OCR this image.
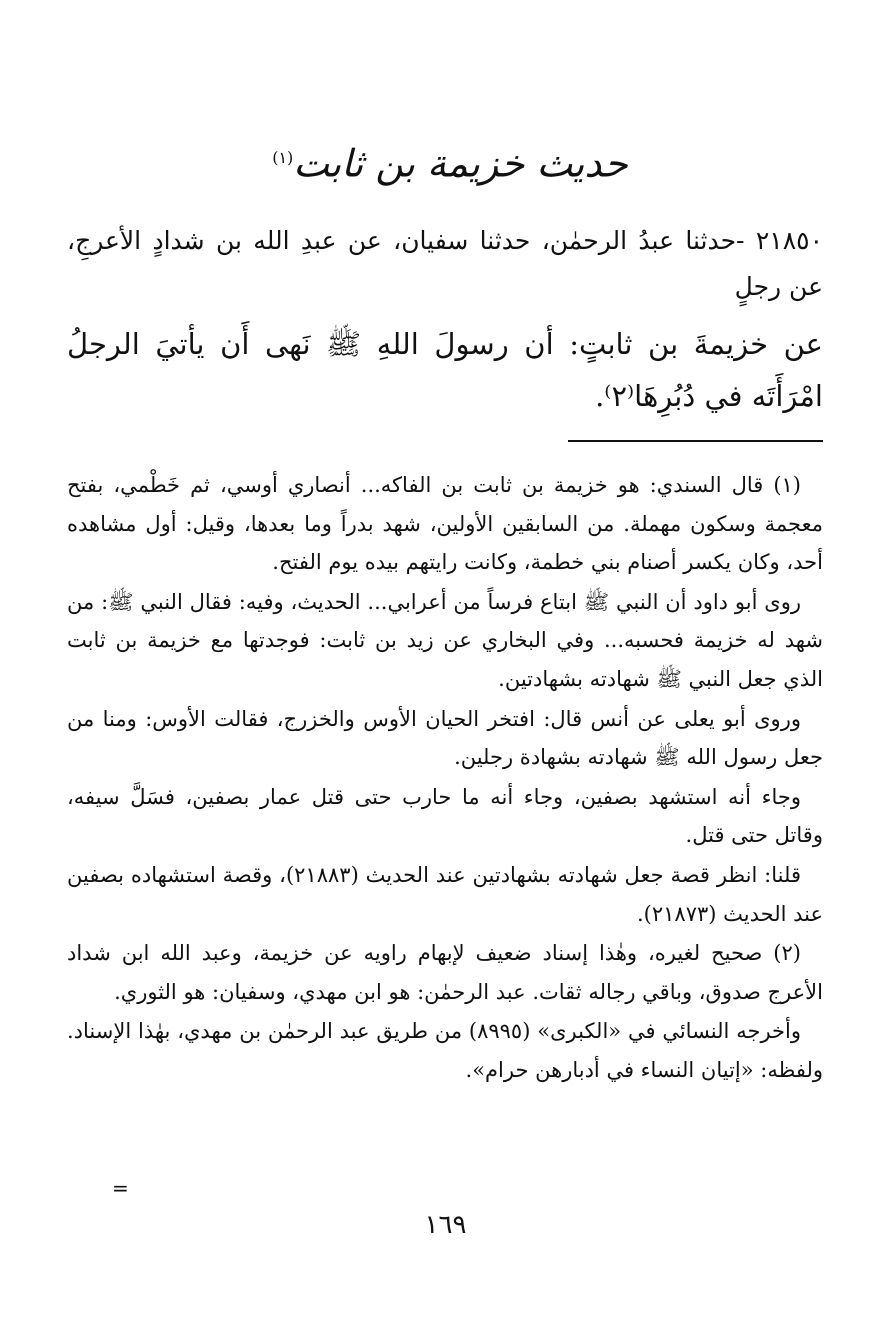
حديث خزيمة بن ثابت$^{(١)}$
٢١٨٥٠ -حدثنا عبدُ الرحمٰن، حدثنا سفيان، عن عبدِ الله بن شدادٍ الأعرجِ، عن رجلٍ
عن خزيمةَ بن ثابتٍ: أن رسولَ اللهِ ﷺ نَهى أَن يأتيَ الرجلُ امْرَأَتَه في دُبُرِهَا⁽٢⁾.

(١) قال السندي: هو خزيمة بن ثابت بن الفاكه... أنصاري أوسي، ثم خَطْمي، بفتح معجمة وسكون مهملة. من السابقين الأولين، شهد بدراً وما بعدها، وقيل: أول مشاهده أحد، وكان يكسر أصنام بني خطمة، وكانت رايتهم بيده يوم الفتح.

روى أبو داود أن النبي ﷺ ابتاع فرساً من أعرابي... الحديث، وفيه: فقال النبي ﷺ: من شهد له خزيمة فحسبه... وفي البخاري عن زيد بن ثابت: فوجدتها مع خزيمة بن ثابت الذي جعل النبي ﷺ شهادته بشهادتين.

وروى أبو يعلى عن أنس قال: افتخر الحيان الأوس والخزرج، فقالت الأوس: ومنا من جعل رسول الله ﷺ شهادته بشهادة رجلين.

وجاء أنه استشهد بصفين، وجاء أنه ما حارب حتى قتل عمار بصفين، فسَلَّ سيفه، وقاتل حتى قتل.

قلنا: انظر قصة جعل شهادته بشهادتين عند الحديث (٢١٨٨٣)، وقصة استشهاده بصفين عند الحديث (٢١٨٧٣).

(٢) صحيح لغيره، وهٰذا إسناد ضعيف لإبهام راويه عن خزيمة، وعبد الله ابن شداد الأعرج صدوق، وباقي رجاله ثقات. عبد الرحمٰن: هو ابن مهدي، وسفيان: هو الثوري.

وأخرجه النسائي في «الكبرى» (٨٩٩٥) من طريق عبد الرحمٰن بن مهدي، بهٰذا الإسناد. ولفظه: «إتيان النساء في أدبارهن حرام».

=
١٦٩
